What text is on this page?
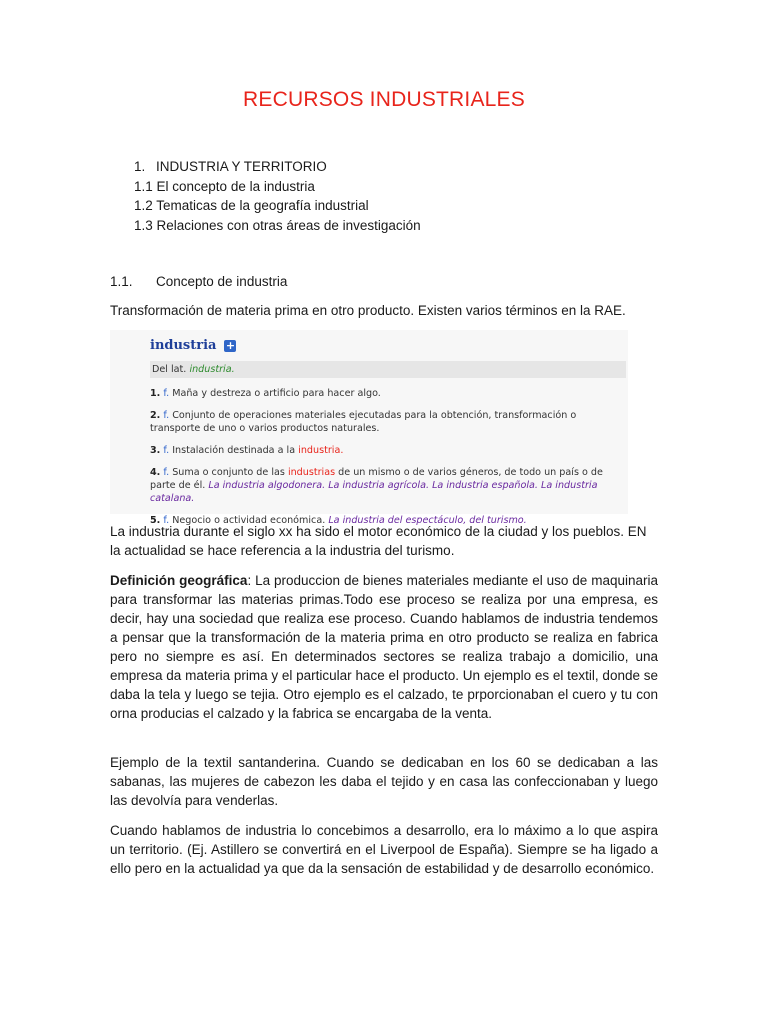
RECURSOS INDUSTRIALES
1. INDUSTRIA Y TERRITORIO
1.1 El concepto de la industria
1.2 Tematicas de la geografía industrial
1.3 Relaciones con otras áreas de investigación
1.1. Concepto de industria
Transformación de materia prima en otro producto. Existen varios términos en la RAE.
industria +
Del lat. industria.
1. f. Maña y destreza o artificio para hacer algo.
2. f. Conjunto de operaciones materiales ejecutadas para la obtención, transformación o transporte de uno o varios productos naturales.
3. f. Instalación destinada a la industria.
4. f. Suma o conjunto de las industrias de un mismo o de varios géneros, de todo un país o de parte de él. La industria algodonera. La industria agrícola. La industria española. La industria catalana.
5. f. Negocio o actividad económica. La industria del espectáculo, del turismo.
La industria durante el siglo xx ha sido el motor económico de la ciudad y los pueblos. EN la actualidad se hace referencia a la industria del turismo.
Definición geográfica: La produccion de bienes materiales mediante el uso de maquinaria para transformar las materias primas.Todo ese proceso se realiza por una empresa, es decir, hay una sociedad que realiza ese proceso. Cuando hablamos de industria tendemos a pensar que la transformación de la materia prima en otro producto se realiza en fabrica pero no siempre es así. En determinados sectores se realiza trabajo a domicilio, una empresa da materia prima y el particular hace el producto. Un ejemplo es el textil, donde se daba la tela y luego se tejia. Otro ejemplo es el calzado, te prporcionaban el cuero y tu con orna producias el calzado y la fabrica se encargaba de la venta.
Ejemplo de la textil santanderina. Cuando se dedicaban en los 60 se dedicaban a las sabanas, las mujeres de cabezon les daba el tejido y en casa las confeccionaban y luego las devolvía para venderlas.
Cuando hablamos de industria lo concebimos a desarrollo, era lo máximo a lo que aspira un territorio. (Ej. Astillero se convertirá en el Liverpool de España). Siempre se ha ligado a ello pero en la actualidad ya que da la sensación de estabilidad y de desarrollo económico.
